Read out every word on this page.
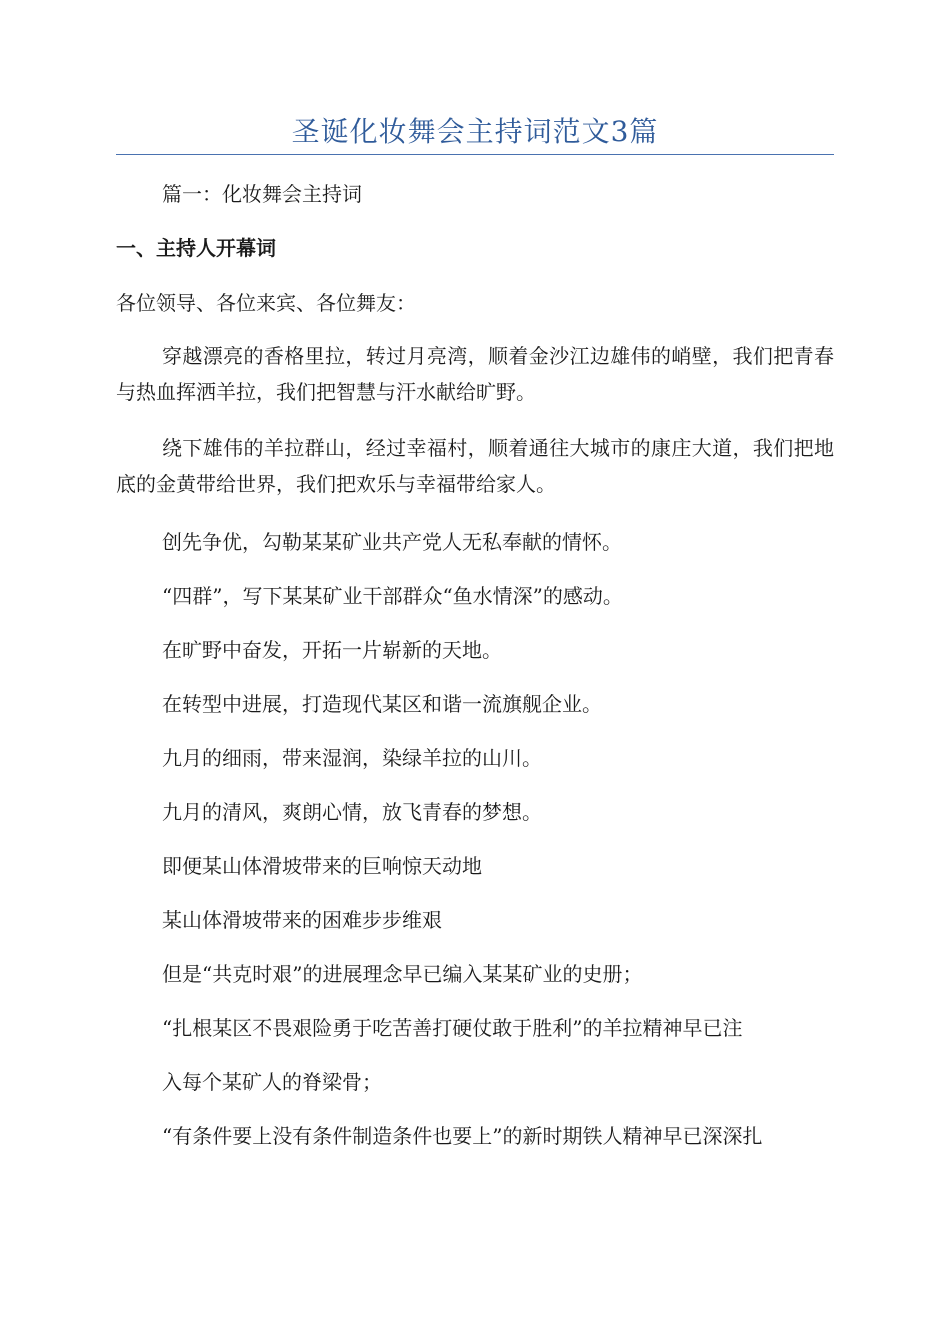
圣诞化妆舞会主持词范文3篇

篇一：化妆舞会主持词

一、主持人开幕词

各位领导、各位来宾、各位舞友：

穿越漂亮的香格里拉，转过月亮湾，顺着金沙江边雄伟的峭壁，我们把青春与热血挥洒羊拉，我们把智慧与汗水献给旷野。

绕下雄伟的羊拉群山，经过幸福村，顺着通往大城市的康庄大道，我们把地底的金黄带给世界，我们把欢乐与幸福带给家人。

创先争优，勾勒某某矿业共产党人无私奉献的情怀。

“四群”，写下某某矿业干部群众“鱼水情深”的感动。

在旷野中奋发，开拓一片崭新的天地。

在转型中进展，打造现代某区和谐一流旗舰企业。

九月的细雨，带来湿润，染绿羊拉的山川。

九月的清风，爽朗心情，放飞青春的梦想。

即便某山体滑坡带来的巨响惊天动地

某山体滑坡带来的困难步步维艰

但是“共克时艰”的进展理念早已编入某某矿业的史册；

“扎根某区不畏艰险勇于吃苦善打硬仗敢于胜利”的羊拉精神早已注

入每个某矿人的脊梁骨；

“有条件要上没有条件制造条件也要上”的新时期铁人精神早已深深扎
